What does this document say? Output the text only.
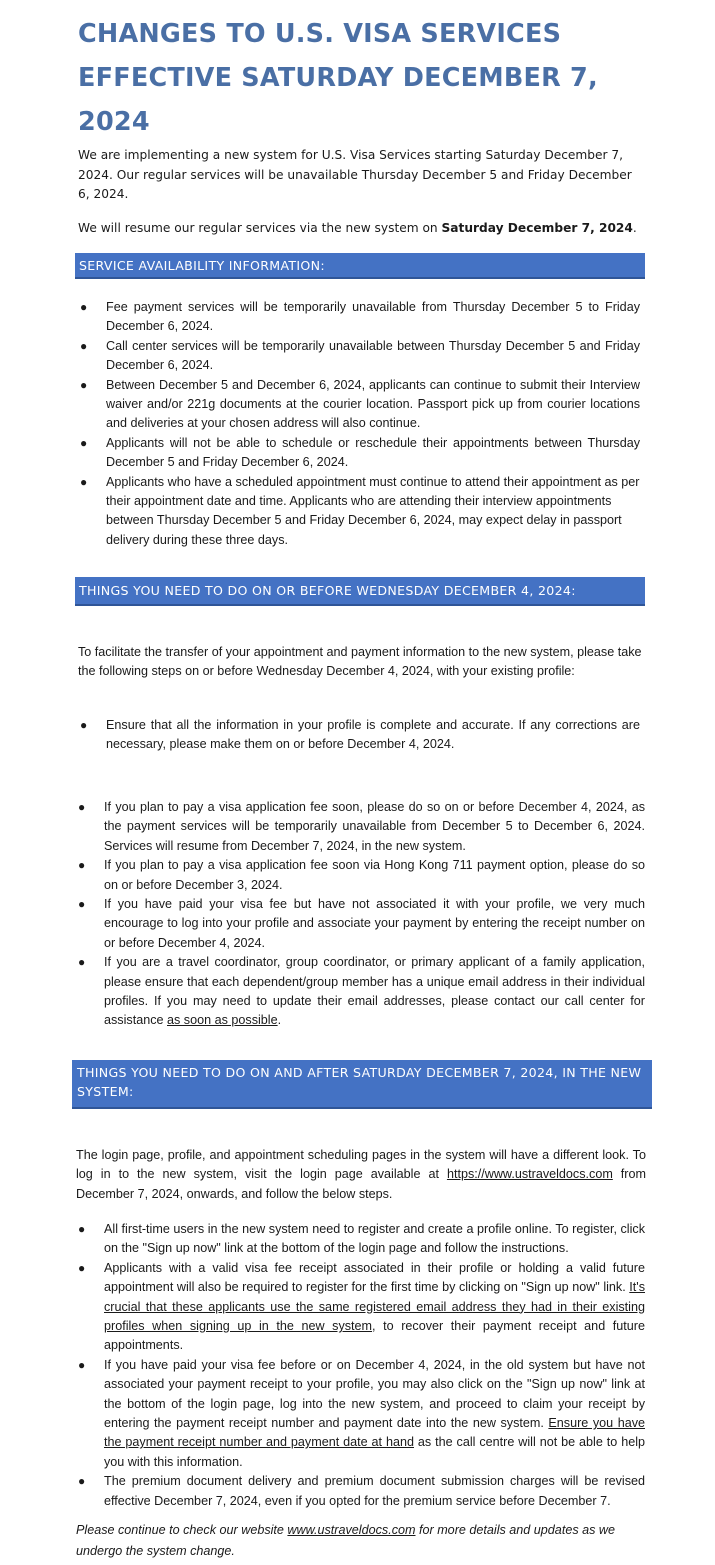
CHANGES TO U.S. VISA SERVICES EFFECTIVE SATURDAY DECEMBER 7, 2024

We are implementing a new system for U.S. Visa Services starting Saturday December 7, 2024. Our regular services will be unavailable Thursday December 5 and Friday December 6, 2024.

We will resume our regular services via the new system on Saturday December 7, 2024.

SERVICE AVAILABILITY INFORMATION:
● Fee payment services will be temporarily unavailable from Thursday December 5 to Friday December 6, 2024.
● Call center services will be temporarily unavailable between Thursday December 5 and Friday December 6, 2024.
● Between December 5 and December 6, 2024, applicants can continue to submit their Interview waiver and/or 221g documents at the courier location. Passport pick up from courier locations and deliveries at your chosen address will also continue.
● Applicants will not be able to schedule or reschedule their appointments between Thursday December 5 and Friday December 6, 2024.
● Applicants who have a scheduled appointment must continue to attend their appointment as per their appointment date and time. Applicants who are attending their interview appointments between Thursday December 5 and Friday December 6, 2024, may expect delay in passport delivery during these three days.
THINGS YOU NEED TO DO ON OR BEFORE WEDNESDAY DECEMBER 4, 2024:

To facilitate the transfer of your appointment and payment information to the new system, please take the following steps on or before Wednesday December 4, 2024, with your existing profile:

● Ensure that all the information in your profile is complete and accurate. If any corrections are necessary, please make them on or before December 4, 2024.
● If you plan to pay a visa application fee soon, please do so on or before December 4, 2024, as the payment services will be temporarily unavailable from December 5 to December 6, 2024. Services will resume from December 7, 2024, in the new system.
● If you plan to pay a visa application fee soon via Hong Kong 711 payment option, please do so on or before December 3, 2024.
● If you have paid your visa fee but have not associated it with your profile, we very much encourage to log into your profile and associate your payment by entering the receipt number on or before December 4, 2024.
● If you are a travel coordinator, group coordinator, or primary applicant of a family application, please ensure that each dependent/group member has a unique email address in their individual profiles. If you may need to update their email addresses, please contact our call center for assistance as soon as possible.
THINGS YOU NEED TO DO ON AND AFTER SATURDAY DECEMBER 7, 2024, IN THE NEW SYSTEM:

The login page, profile, and appointment scheduling pages in the system will have a different look. To log in to the new system, visit the login page available at https://www.ustraveldocs.com from December 7, 2024, onwards, and follow the below steps.

● All first-time users in the new system need to register and create a profile online. To register, click on the "Sign up now" link at the bottom of the login page and follow the instructions.
● Applicants with a valid visa fee receipt associated in their profile or holding a valid future appointment will also be required to register for the first time by clicking on "Sign up now" link. It's crucial that these applicants use the same registered email address they had in their existing profiles when signing up in the new system, to recover their payment receipt and future appointments.
● If you have paid your visa fee before or on December 4, 2024, in the old system but have not associated your payment receipt to your profile, you may also click on the "Sign up now" link at the bottom of the login page, log into the new system, and proceed to claim your receipt by entering the payment receipt number and payment date into the new system. Ensure you have the payment receipt number and payment date at hand as the call centre will not be able to help you with this information.
● The premium document delivery and premium document submission charges will be revised effective December 7, 2024, even if you opted for the premium service before December 7.

Please continue to check our website www.ustraveldocs.com for more details and updates as we undergo the system change.
